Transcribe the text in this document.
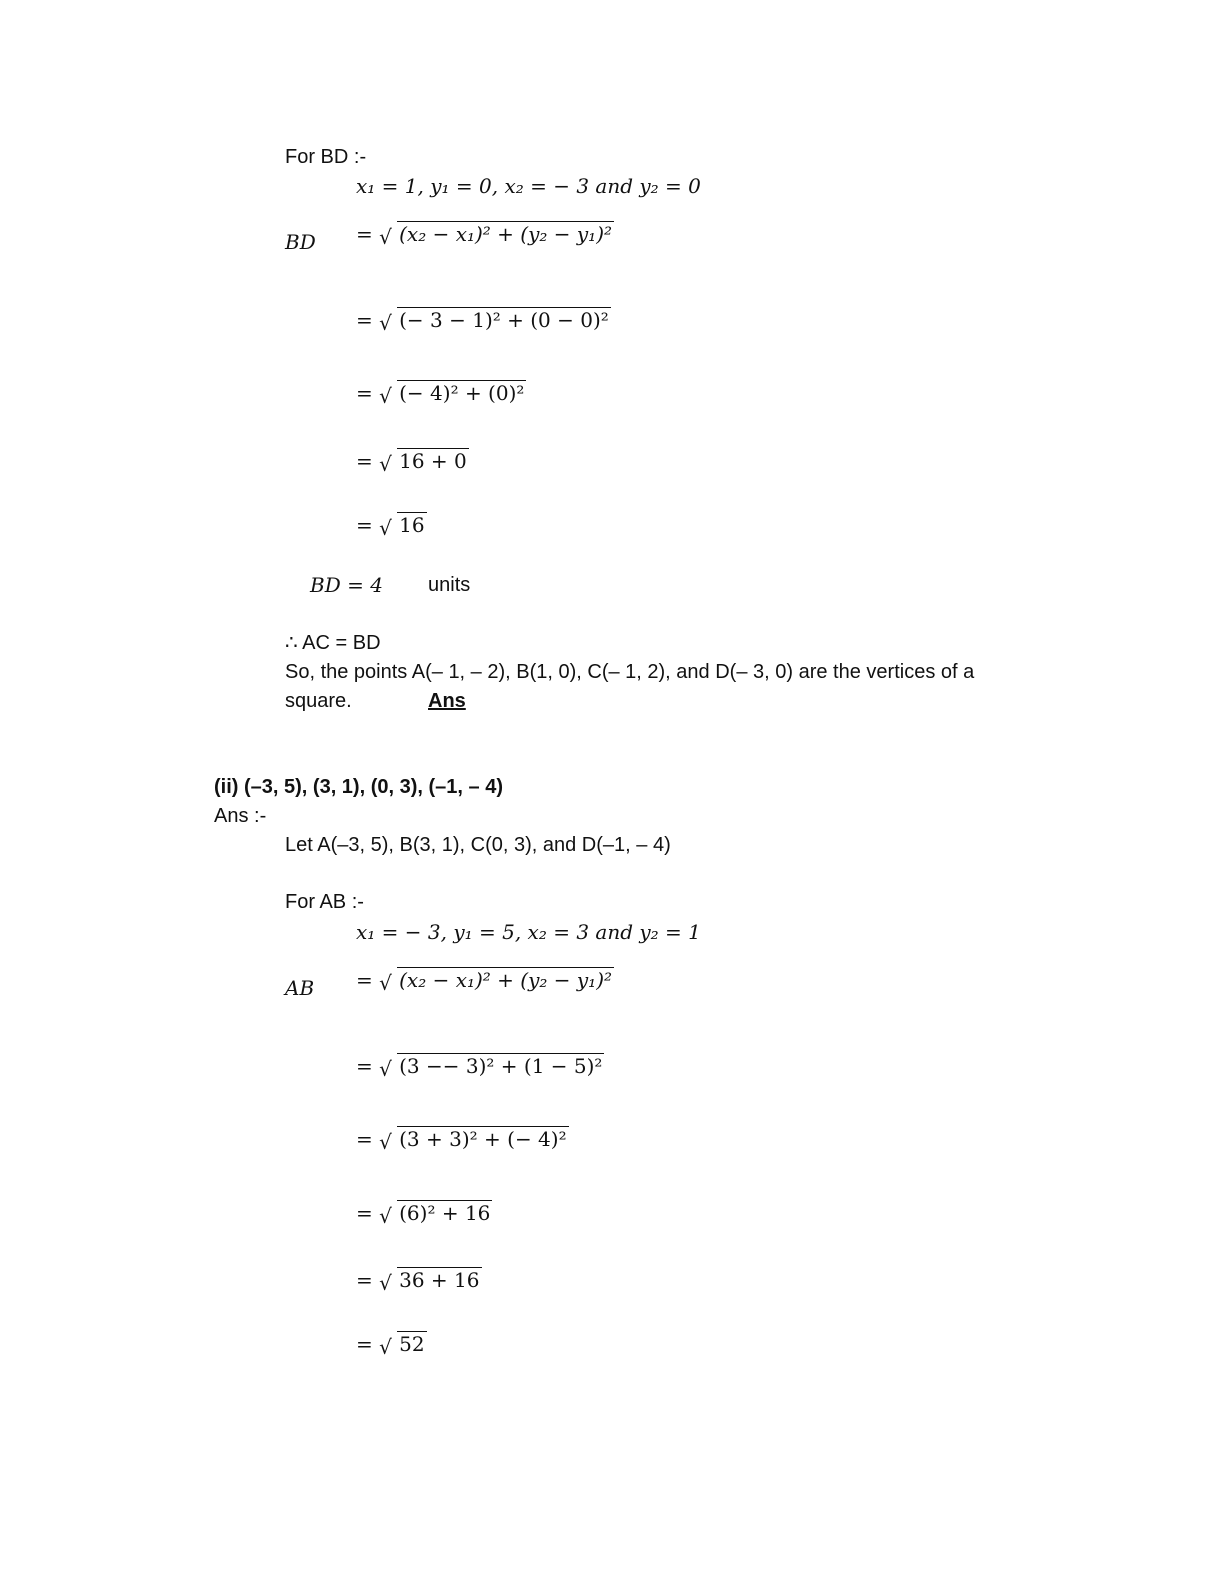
For BD :-
x₁ = 1, y₁ = 0, x₂ = − 3 and y₂ = 0
BD = √ (x₂ − x₁)² + (y₂ − y₁)²
= √ (− 3 − 1)² + (0 − 0)²
= √ (− 4)² + (0)²
= √ 16 + 0
= √ 16
BD = 4 units
∴ AC = BD
So, the points A(– 1, – 2), B(1, 0), C(– 1, 2), and D(– 3, 0) are the vertices of a
square.	Ans
(ii) (–3, 5), (3, 1), (0, 3), (–1, – 4)
Ans :-
Let A(–3, 5), B(3, 1), C(0, 3), and D(–1, – 4)
For AB :-
x₁ = − 3, y₁ = 5, x₂ = 3 and y₂ = 1
AB = √ (x₂ − x₁)² + (y₂ − y₁)²
= √ (3 −− 3)² + (1 − 5)²
= √ (3 + 3)² + (− 4)²
= √ (6)² + 16
= √ 36 + 16
= √ 52
